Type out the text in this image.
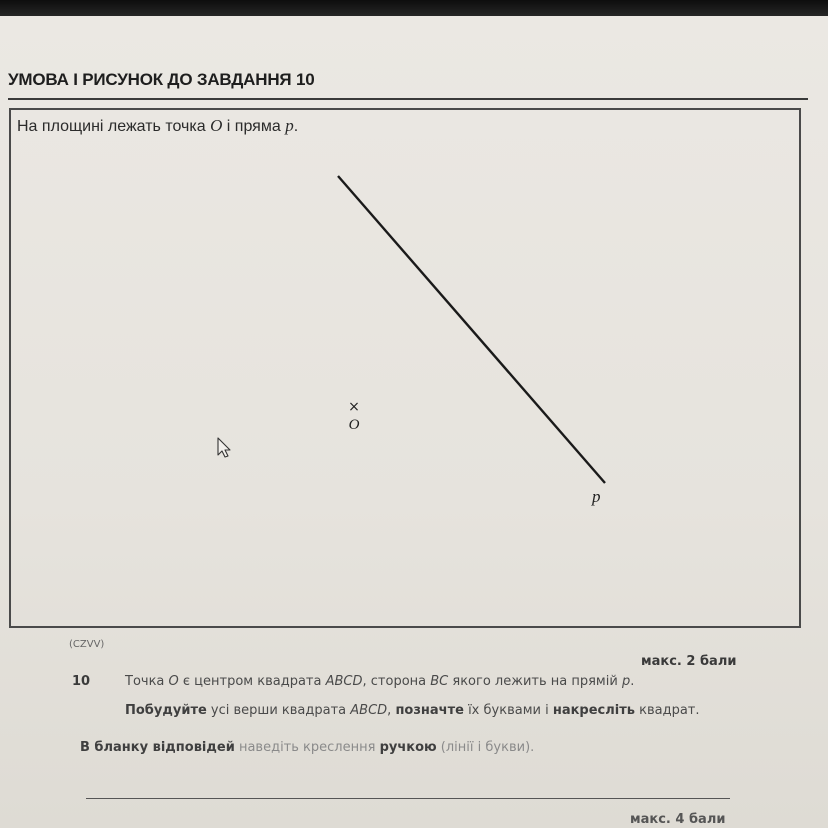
УМОВА І РИСУНОК ДО ЗАВДАННЯ 10
На площині лежать точка O і пряма p.
×
O
p
(CZVV)
макс. 2 бали
10	Точка O є центром квадрата ABCD, сторона BC якого лежить на прямій p.
Побудуйте усі верши квадрата ABCD, позначте їх буквами і накресліть квадрат.
В бланку відповідей наведіть креслення ручкою (лінії і букви).
макс. 4 бали
